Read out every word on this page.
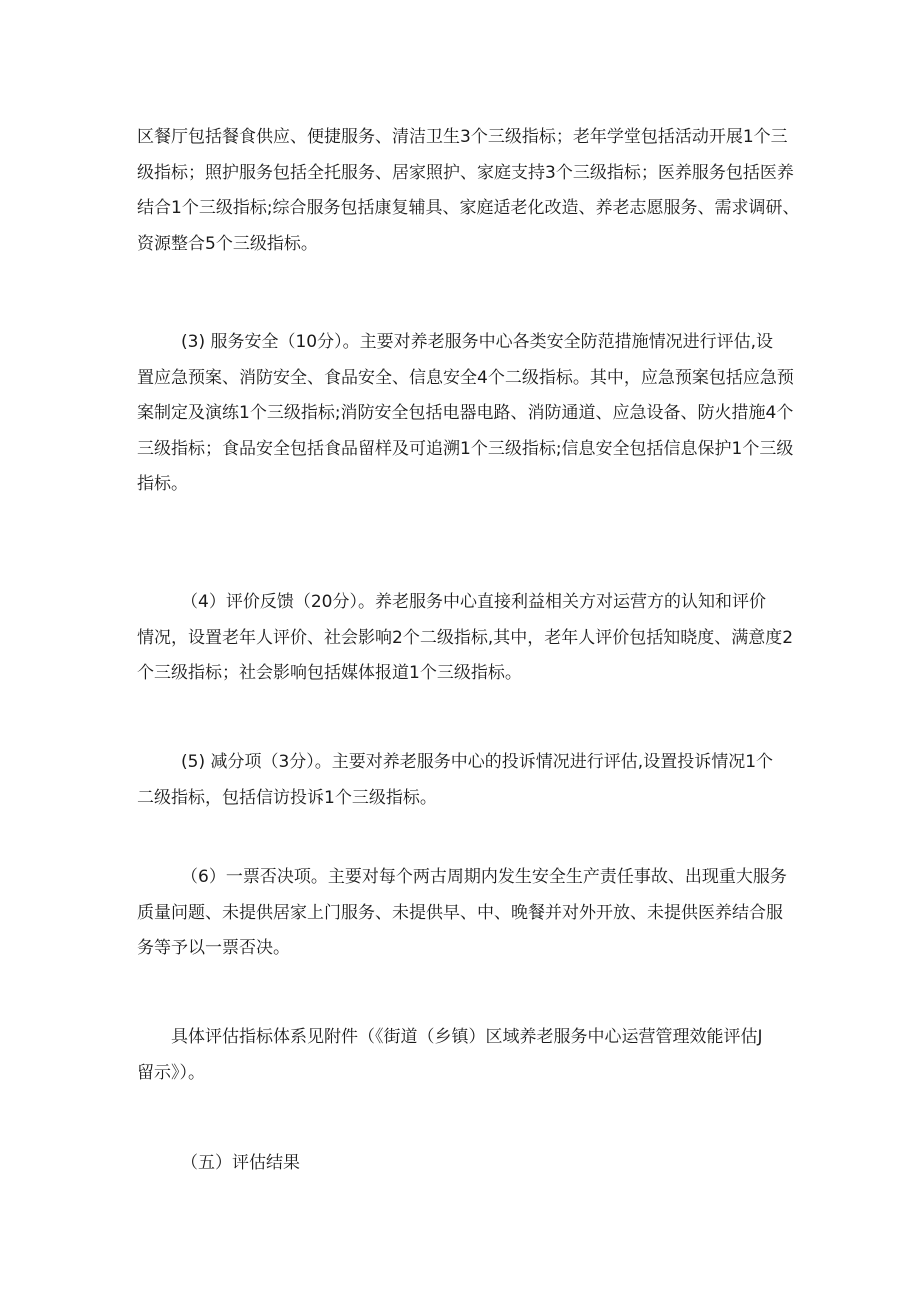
区餐厅包括餐食供应、便捷服务、清洁卫生3个三级指标；老年学堂包括活动开展1个三
级指标；照护服务包括全托服务、居家照护、家庭支持3个三级指标；医养服务包括医养
结合1个三级指标;综合服务包括康复辅具、家庭适老化改造、养老志愿服务、需求调研、
资源整合5个三级指标。
(3) 服务安全（10分）。主要对养老服务中心各类安全防范措施情况进行评估,设
置应急预案、消防安全、食品安全、信息安全4个二级指标。其中，应急预案包括应急预
案制定及演练1个三级指标;消防安全包括电器电路、消防通道、应急设备、防火措施4个
三级指标；食品安全包括食品留样及可追溯1个三级指标;信息安全包括信息保护1个三级
指标。
（4）评价反馈（20分）。养老服务中心直接利益相关方对运营方的认知和评价
情况，设置老年人评价、社会影响2个二级指标,其中，老年人评价包括知晓度、满意度2
个三级指标；社会影响包括媒体报道1个三级指标。
(5) 减分项（3分）。主要对养老服务中心的投诉情况进行评估,设置投诉情况1个
二级指标，包括信访投诉1个三级指标。
（6）一票否决项。主要对每个两古周期内发生安全生产责任事故、出现重大服务
质量问题、未提供居家上门服务、未提供早、中、晚餐并对外开放、未提供医养结合服
务等予以一票否决。
具体评估指标体系见附件（《街道（乡镇）区域养老服务中心运营管理效能评估J
留示》）。
（五）评估结果
